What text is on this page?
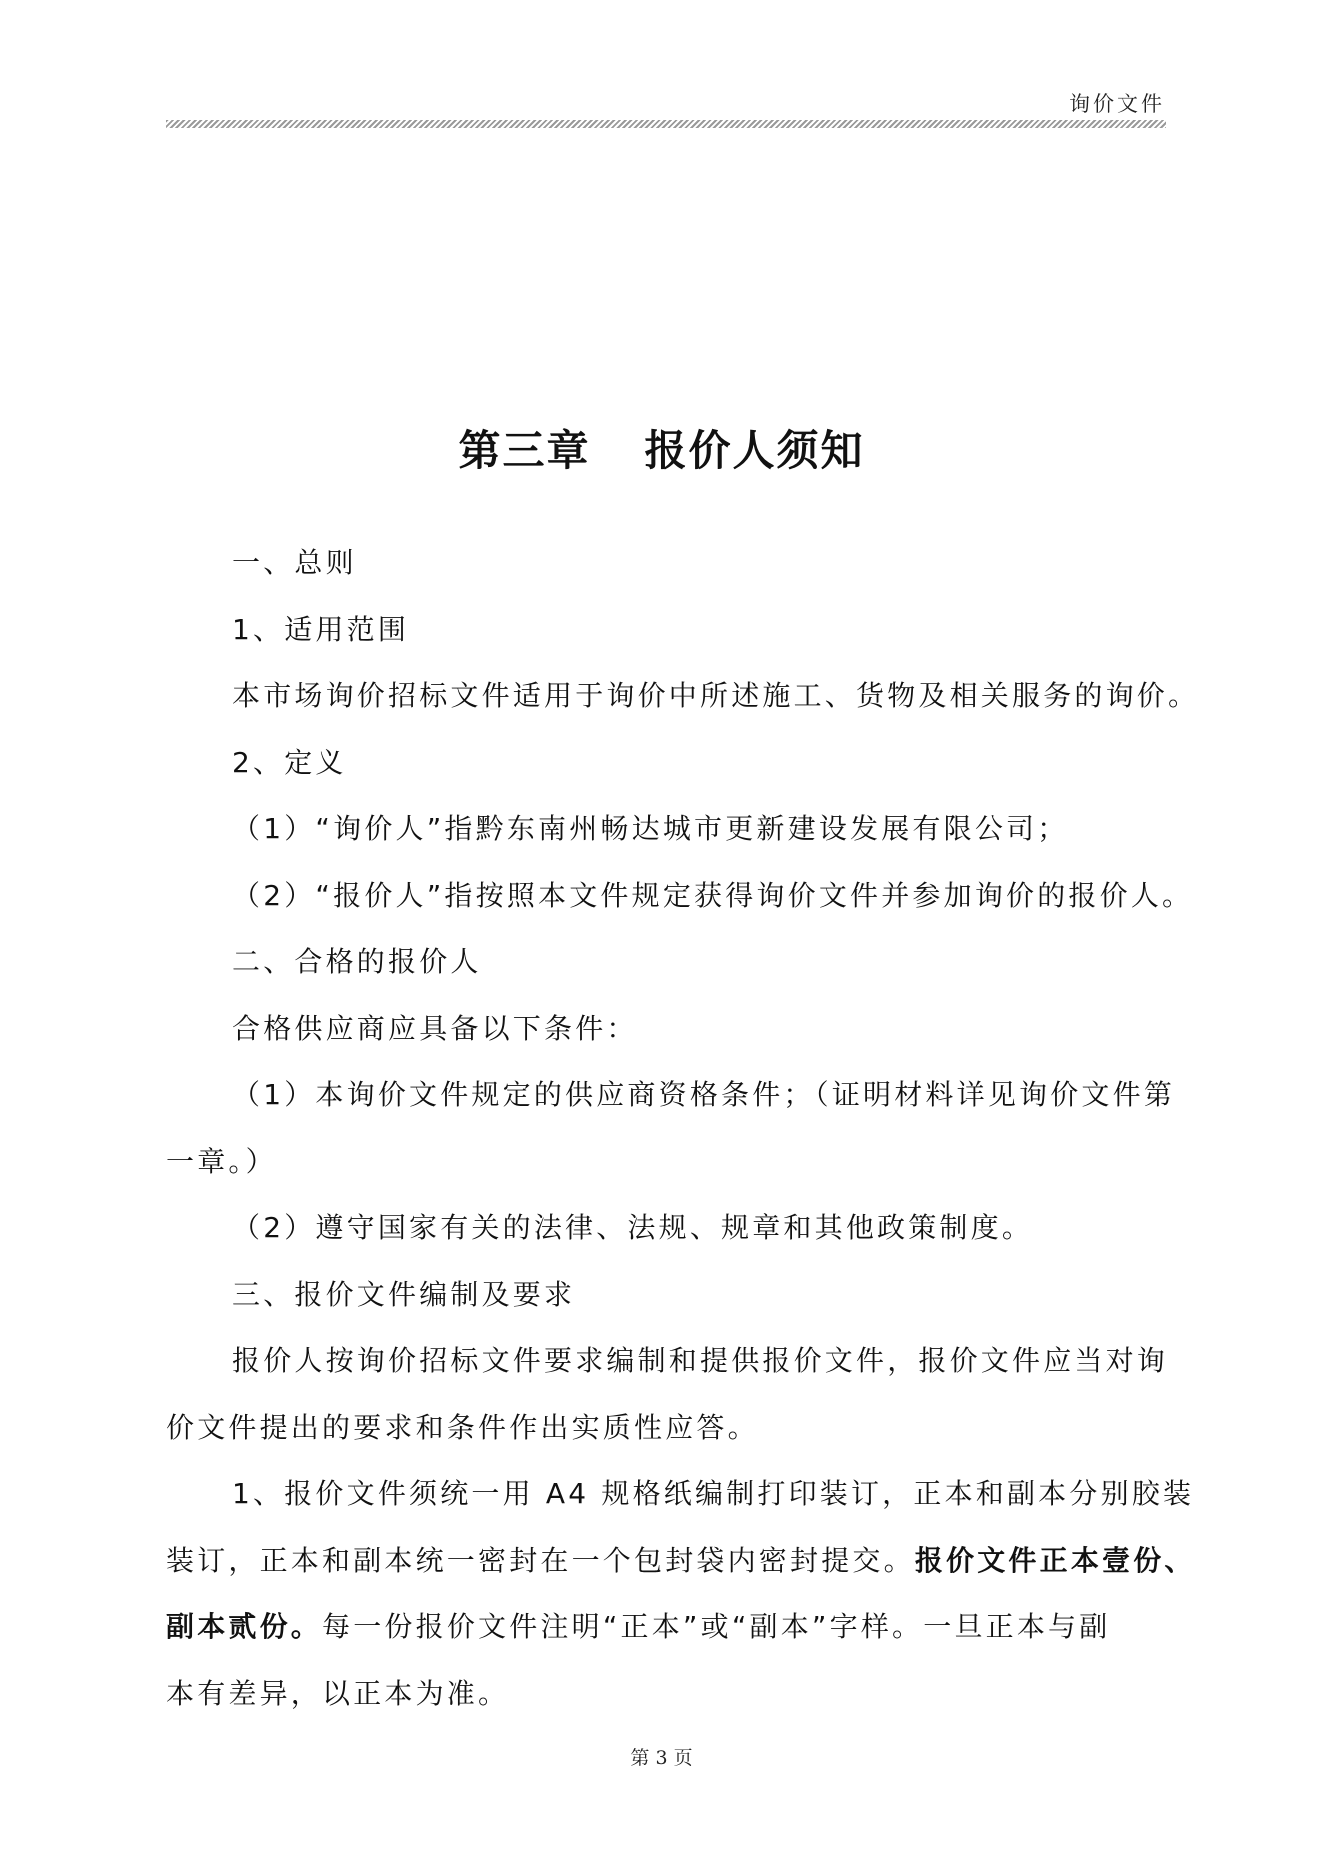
询价文件
第三章 报价人须知

一、总则

1、适用范围

本市场询价招标文件适用于询价中所述施工、货物及相关服务的询价。

2、定义

（1）“询价人”指黔东南州畅达城市更新建设发展有限公司；

（2）“报价人”指按照本文件规定获得询价文件并参加询价的报价人。

二、合格的报价人

合格供应商应具备以下条件：

（1）本询价文件规定的供应商资格条件；（证明材料详见询价文件第

一章。）

（2）遵守国家有关的法律、法规、规章和其他政策制度。

三、报价文件编制及要求

报价人按询价招标文件要求编制和提供报价文件，报价文件应当对询

价文件提出的要求和条件作出实质性应答。

1、报价文件须统一用 A4 规格纸编制打印装订，正本和副本分别胶装

装订，正本和副本统一密封在一个包封袋内密封提交。报价文件正本壹份、

副本贰份。每一份报价文件注明“正本”或“副本”字样。一旦正本与副

本有差异，以正本为准。

第 3 页
